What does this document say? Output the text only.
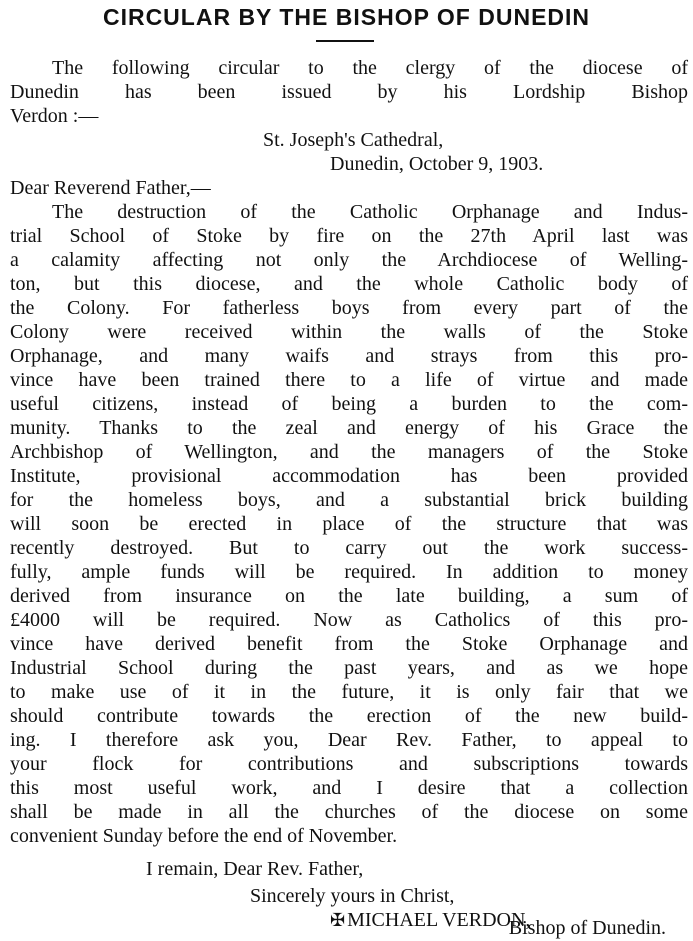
CIRCULAR BY THE BISHOP OF DUNEDIN
The following circular to the clergy of the diocese of
Dunedin has been issued by his Lordship Bishop
Verdon :—
St. Joseph's Cathedral,
Dunedin, October 9, 1903.
Dear Reverend Father,—
The destruction of the Catholic Orphanage and Indus-
trial School of Stoke by fire on the 27th April last was
a calamity affecting not only the Archdiocese of Welling-
ton, but this diocese, and the whole Catholic body of
the Colony. For fatherless boys from every part of the
Colony were received within the walls of the Stoke
Orphanage, and many waifs and strays from this pro-
vince have been trained there to a life of virtue and made
useful citizens, instead of being a burden to the com-
munity. Thanks to the zeal and energy of his Grace the
Archbishop of Wellington, and the managers of the Stoke
Institute, provisional accommodation has been provided
for the homeless boys, and a substantial brick building
will soon be erected in place of the structure that was
recently destroyed. But to carry out the work success-
fully, ample funds will be required. In addition to money
derived from insurance on the late building, a sum of
£4000 will be required. Now as Catholics of this pro-
vince have derived benefit from the Stoke Orphanage and
Industrial School during the past years, and as we hope
to make use of it in the future, it is only fair that we
should contribute towards the erection of the new build-
ing. I therefore ask you, Dear Rev. Father, to appeal to
your flock for contributions and subscriptions towards
this most useful work, and I desire that a collection
shall be made in all the churches of the diocese on some
convenient Sunday before the end of November.
I remain, Dear Rev. Father,
Sincerely yours in Christ,
✠ MICHAEL VERDON,
Bishop of Dunedin.
